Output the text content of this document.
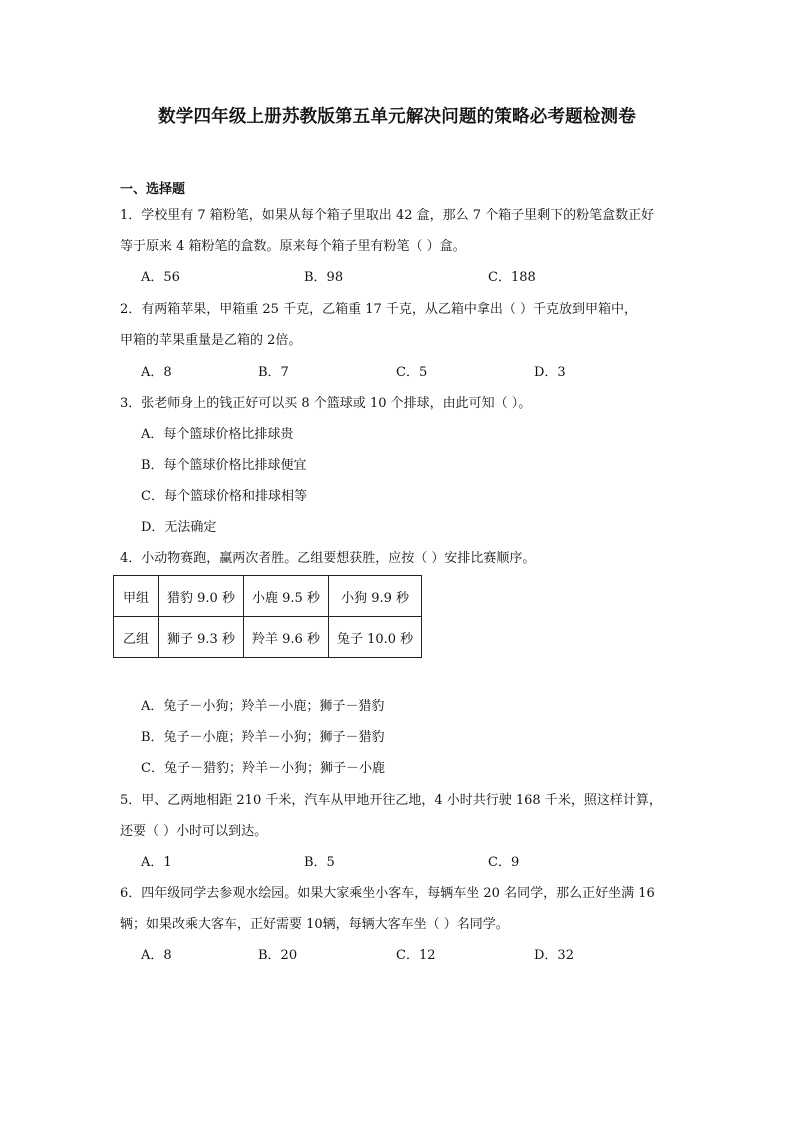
数学四年级上册苏教版第五单元解决问题的策略必考题检测卷
一、选择题
1．学校里有 7 箱粉笔，如果从每个箱子里取出 42 盒，那么 7 个箱子里剩下的粉笔盒数正好
等于原来 4 箱粉笔的盒数。原来每个箱子里有粉笔（ ）盒。
A．56	B．98	C．188
2．有两箱苹果，甲箱重 25 千克，乙箱重 17 千克，从乙箱中拿出（ ）千克放到甲箱中，
甲箱的苹果重量是乙箱的 2倍。
A．8	B．7	C．5	D．3
3．张老师身上的钱正好可以买 8 个篮球或 10 个排球，由此可知（ ）。
A．每个篮球价格比排球贵
B．每个篮球价格比排球便宜
C．每个篮球价格和排球相等
D．无法确定
4．小动物赛跑，赢两次者胜。乙组要想获胜，应按（ ）安排比赛顺序。
甲组	猎豹 9.0 秒	小鹿 9.5 秒	小狗 9.9 秒
乙组	狮子 9.3 秒	羚羊 9.6 秒	兔子 10.0 秒
A．兔子－小狗；羚羊－小鹿；狮子－猎豹
B．兔子－小鹿；羚羊－小狗；狮子－猎豹
C．兔子－猎豹；羚羊－小狗；狮子－小鹿
5．甲、乙两地相距 210 千米，汽车从甲地开往乙地，4 小时共行驶 168 千米，照这样计算，
还要（ ）小时可以到达。
A．1	B．5	C．9
6．四年级同学去参观水绘园。如果大家乘坐小客车，每辆车坐 20 名同学，那么正好坐满 16
辆；如果改乘大客车，正好需要 10辆，每辆大客车坐（ ）名同学。
A．8	B．20	C．12	D．32
